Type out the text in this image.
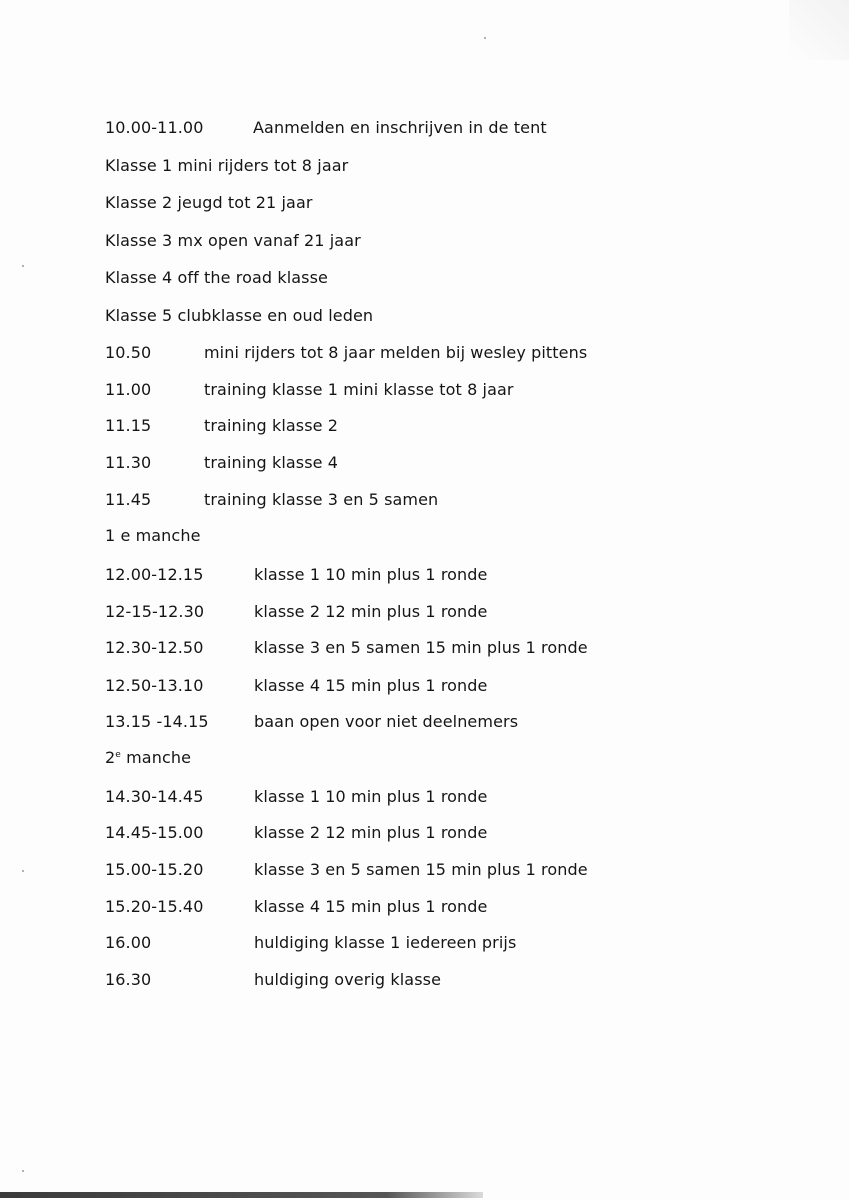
10.00-11.00	Aanmelden en inschrijven in de tent
Klasse 1 mini rijders tot 8 jaar
Klasse 2 jeugd tot 21 jaar
Klasse 3 mx open vanaf 21 jaar
Klasse 4 off the road klasse
Klasse 5 clubklasse en oud leden
10.50	mini rijders tot 8 jaar melden bij wesley pittens
11.00	training klasse 1 mini klasse tot 8 jaar
11.15	training klasse 2
11.30	training klasse 4
11.45	training klasse 3 en 5 samen
1 e manche
12.00-12.15	klasse 1 10 min plus 1 ronde
12-15-12.30	klasse 2 12 min plus 1 ronde
12.30-12.50	klasse 3 en 5 samen 15 min plus 1 ronde
12.50-13.10	klasse 4 15 min plus 1 ronde
13.15 -14.15	baan open voor niet deelnemers
2e manche
14.30-14.45	klasse 1 10 min plus 1 ronde
14.45-15.00	klasse 2 12 min plus 1 ronde
15.00-15.20	klasse 3 en 5 samen 15 min plus 1 ronde
15.20-15.40	klasse 4 15 min plus 1 ronde
16.00	huldiging klasse 1 iedereen prijs
16.30	huldiging overig klasse
